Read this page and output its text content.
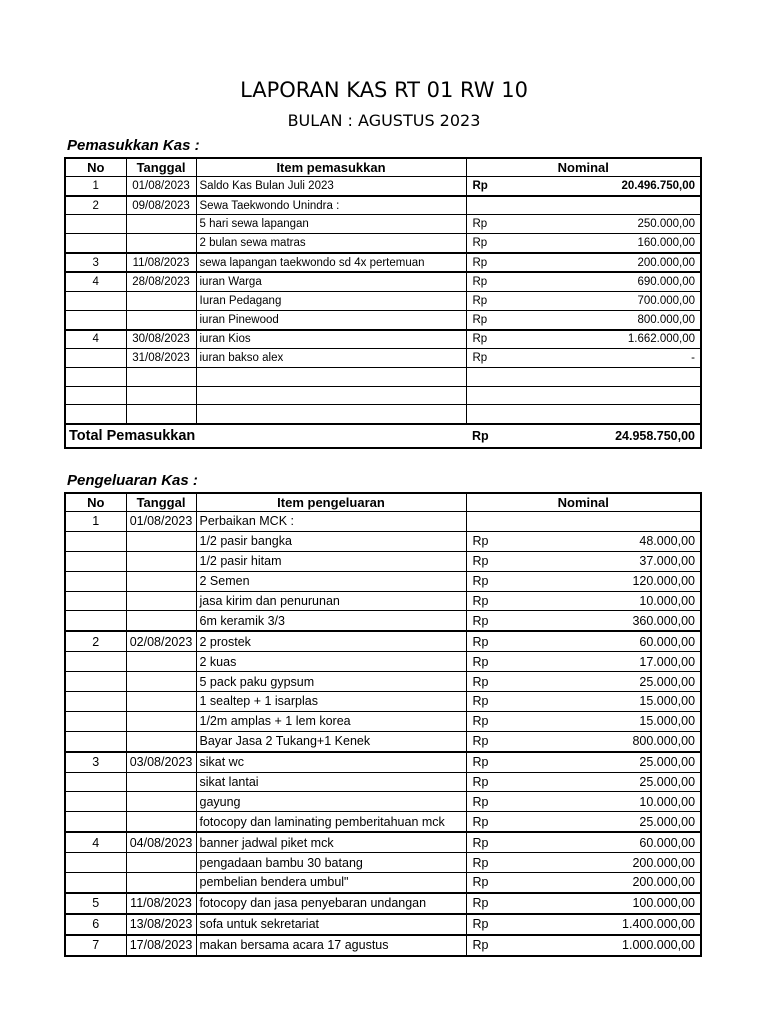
LAPORAN KAS RT 01 RW 10
BULAN : AGUSTUS 2023
Pemasukkan Kas :
No	Tanggal	Item pemasukkan	Nominal	
1	01/08/2023	Saldo Kas Bulan Juli 2023	Rp	20.496.750,00
2	09/08/2023	Sewa Taekwondo Unindra :		
		5 hari sewa lapangan	Rp	250.000,00
		2 bulan sewa matras	Rp	160.000,00
3	11/08/2023	sewa lapangan taekwondo sd 4x pertemuan	Rp	200.000,00
4	28/08/2023	iuran Warga	Rp	690.000,00
		Iuran Pedagang	Rp	700.000,00
		iuran Pinewood	Rp	800.000,00
4	30/08/2023	iuran Kios	Rp	1.662.000,00
	31/08/2023	iuran bakso alex	Rp	-

Total Pemasukkan			Rp	24.958.750,00
Pengeluaran Kas :
No	Tanggal	Item pengeluaran	Nominal	
1	01/08/2023	Perbaikan MCK :		
		1/2 pasir bangka	Rp	48.000,00
		1/2 pasir hitam	Rp	37.000,00
		2 Semen	Rp	120.000,00
		jasa kirim dan penurunan	Rp	10.000,00
		6m keramik 3/3	Rp	360.000,00
2	02/08/2023	2 prostek	Rp	60.000,00
		2 kuas	Rp	17.000,00
		5 pack paku gypsum	Rp	25.000,00
		1 sealtep + 1 isarplas	Rp	15.000,00
		1/2m amplas + 1 lem korea	Rp	15.000,00
		Bayar Jasa 2 Tukang+1 Kenek	Rp	800.000,00
3	03/08/2023	sikat wc	Rp	25.000,00
		sikat lantai	Rp	25.000,00
		gayung	Rp	10.000,00
		fotocopy dan laminating pemberitahuan mck	Rp	25.000,00
4	04/08/2023	banner jadwal piket mck	Rp	60.000,00
		pengadaan bambu 30 batang	Rp	200.000,00
		pembelian bendera umbul"	Rp	200.000,00
5	11/08/2023	fotocopy dan jasa penyebaran undangan	Rp	100.000,00
6	13/08/2023	sofa untuk sekretariat	Rp	1.400.000,00
7	17/08/2023	makan bersama acara 17 agustus	Rp	1.000.000,00
